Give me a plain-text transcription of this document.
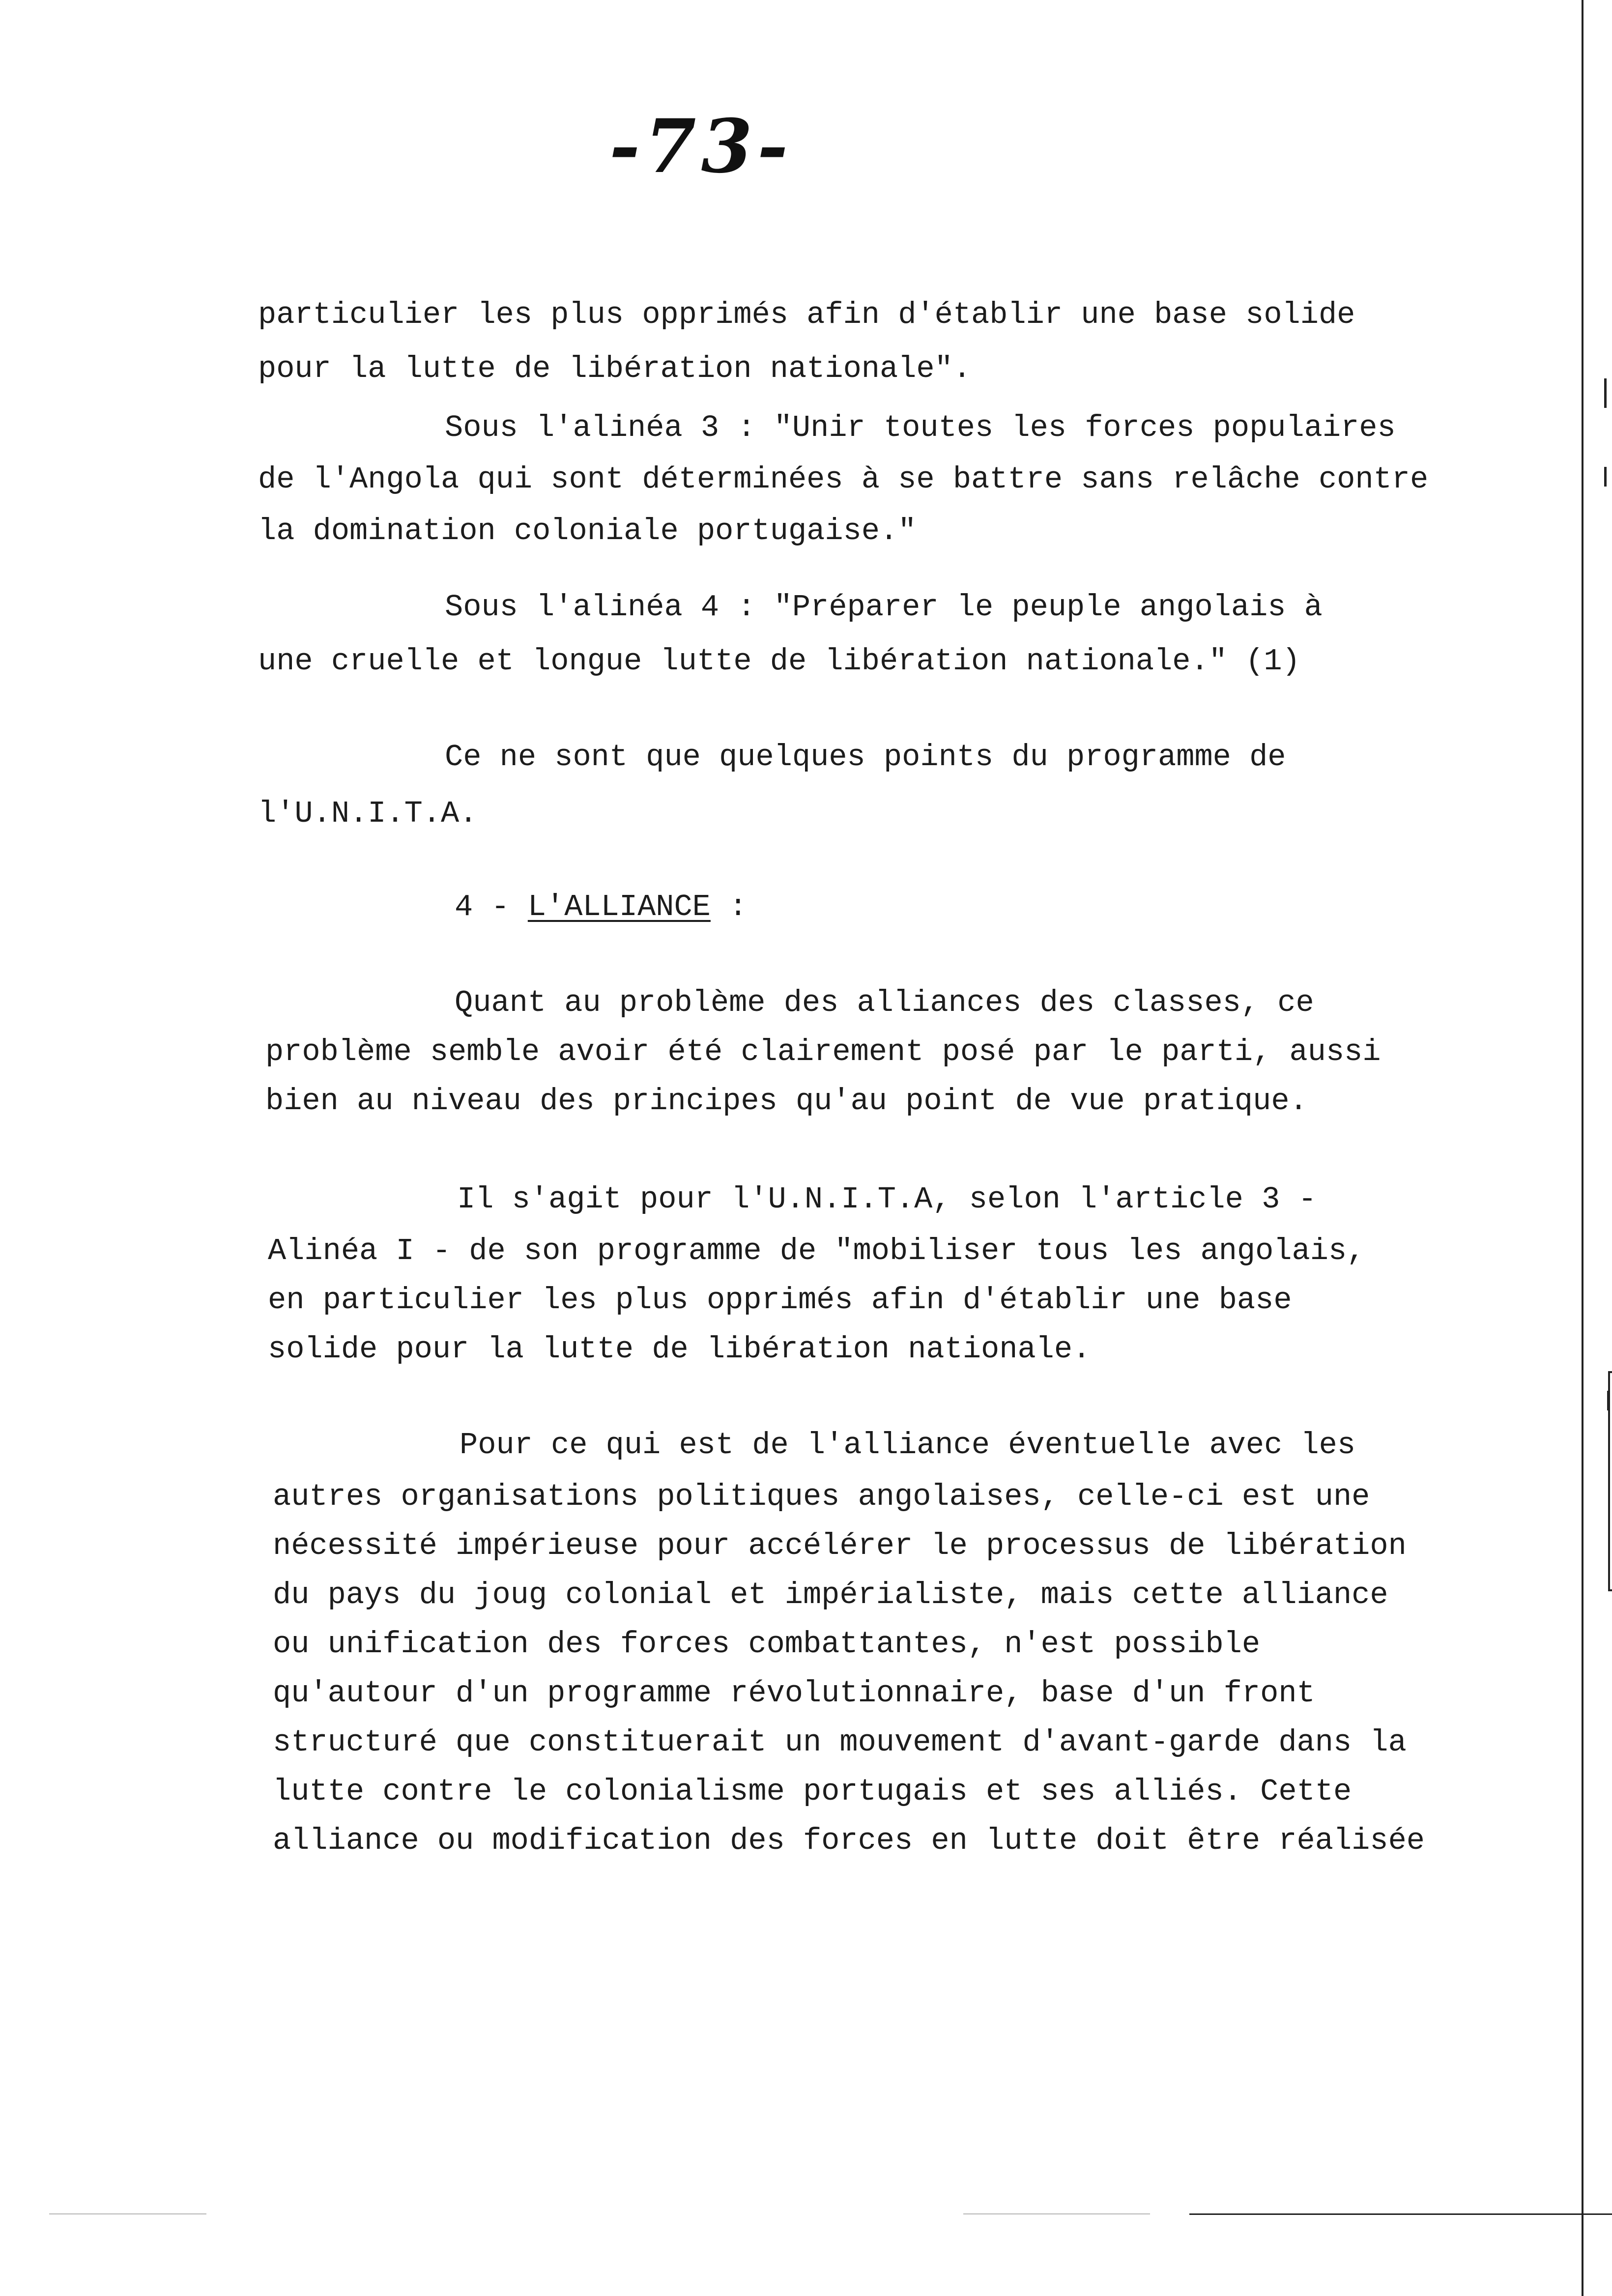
-73-
particulier les plus opprimés afin d'établir une base solide
pour la lutte de libération nationale".
Sous l'alinéa 3 : "Unir toutes les forces populaires
de l'Angola qui sont déterminées à se battre sans relâche contre
la domination coloniale portugaise."
Sous l'alinéa 4 : "Préparer le peuple angolais à
une cruelle et longue lutte de libération nationale." (1)
Ce ne sont que quelques points du programme de
l'U.N.I.T.A.
4 - L'ALLIANCE :
Quant au problème des alliances des classes, ce
problème semble avoir été clairement posé par le parti, aussi
bien au niveau des principes qu'au point de vue pratique.
Il s'agit pour l'U.N.I.T.A, selon l'article 3 -
Alinéa I - de son programme de "mobiliser tous les angolais,
en particulier les plus opprimés afin d'établir une base
solide pour la lutte de libération nationale.
Pour ce qui est de l'alliance éventuelle avec les
autres organisations politiques angolaises, celle-ci est une
nécessité impérieuse pour accélérer le processus de libération
du pays du joug colonial et impérialiste, mais cette alliance
ou unification des forces combattantes, n'est possible
qu'autour d'un programme révolutionnaire, base d'un front
structuré que constituerait un mouvement d'avant-garde dans la
lutte contre le colonialisme portugais et ses alliés. Cette
alliance ou modification des forces en lutte doit être réalisée
